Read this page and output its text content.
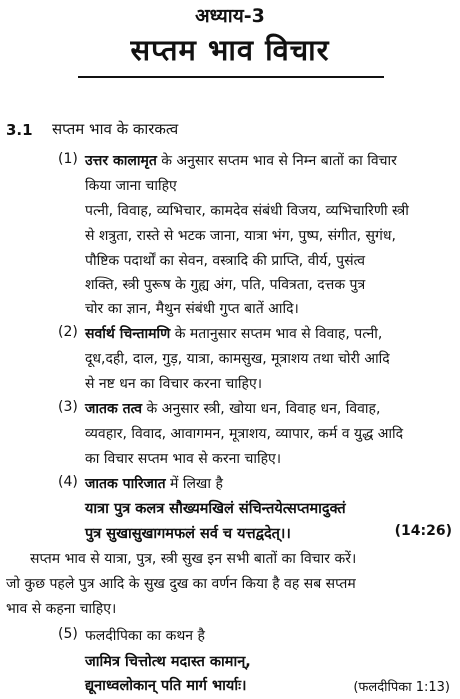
अध्याय-3
सप्तम भाव विचार
3.1 सप्तम भाव के कारकत्व
(1) उत्तर कालामृत के अनुसार सप्तम भाव से निम्न बातों का विचार
किया जाना चाहिए
पत्नी, विवाह, व्यभिचार, कामदेव संबंधी विजय, व्यभिचारिणी स्त्री
से शत्रुता, रास्ते से भटक जाना, यात्रा भंग, पुष्प, संगीत, सुगंध,
पौष्टिक पदार्थों का सेवन, वस्त्रादि की प्राप्ति, वीर्य, पुसंत्व
शक्ति, स्त्री पुरूष के गुह्य अंग, पति, पवित्रता, दत्तक पुत्र
चोर का ज्ञान, मैथुन संबंधी गुप्त बातें आदि।
(2) सर्वार्थ चिन्तामणि के मतानुसार सप्तम भाव से विवाह, पत्नी,
दूध,दही, दाल, गुड़, यात्रा, कामसुख, मूत्राशय तथा चोरी आदि
से नष्ट धन का विचार करना चाहिए।
(3) जातक तत्व के अनुसार स्त्री, खोया धन, विवाह धन, विवाह,
व्यवहार, विवाद, आवागमन, मूत्राशय, व्यापार, कर्म व युद्ध आदि
का विचार सप्तम भाव से करना चाहिए।
(4) जातक पारिजात में लिखा है
यात्रा पुत्र कलत्र सौख्यमखिलं संचिन्तयेत्सप्तमादुक्तं
पुत्र सुखासुखागमफलं सर्व च यत्तद्वदेत्।।	(14:26)
सप्तम भाव से यात्रा, पुत्र, स्त्री सुख इन सभी बातों का विचार करें।
जो कुछ पहले पुत्र आदि के सुख दुख का वर्णन किया है वह सब सप्तम
भाव से कहना चाहिए।
(5) फलदीपिका का कथन है
जामित्र चित्तोत्थ मदास्त कामान्,
द्यूनाध्वलोकान् पति मार्ग भार्याः।	(फलदीपिका 1:13)
